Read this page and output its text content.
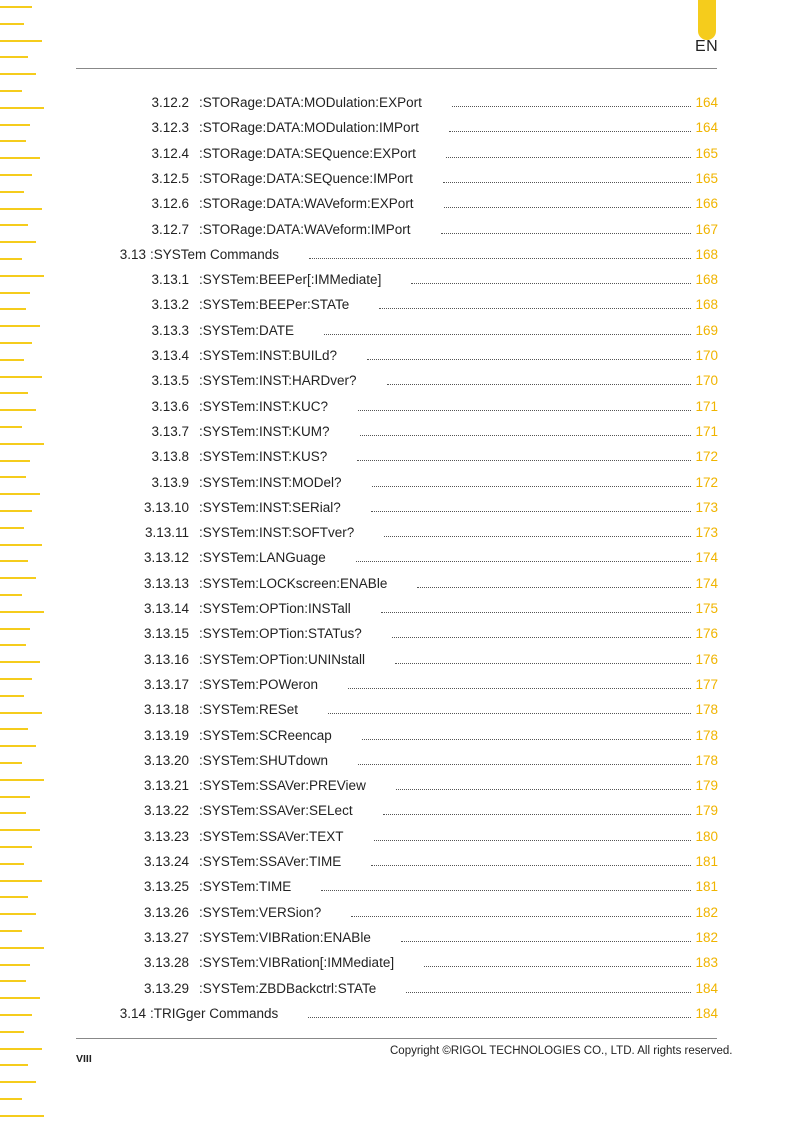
EN
3.12.2 :STORage:DATA:MODulation:EXPort	164
3.12.3 :STORage:DATA:MODulation:IMPort	164
3.12.4 :STORage:DATA:SEQuence:EXPort	165
3.12.5 :STORage:DATA:SEQuence:IMPort	165
3.12.6 :STORage:DATA:WAVeform:EXPort	166
3.12.7 :STORage:DATA:WAVeform:IMPort	167
3.13 :SYSTem Commands	168
3.13.1 :SYSTem:BEEPer[:IMMediate]	168
3.13.2 :SYSTem:BEEPer:STATe	168
3.13.3 :SYSTem:DATE	169
3.13.4 :SYSTem:INST:BUILd?	170
3.13.5 :SYSTem:INST:HARDver?	170
3.13.6 :SYSTem:INST:KUC?	171
3.13.7 :SYSTem:INST:KUM?	171
3.13.8 :SYSTem:INST:KUS?	172
3.13.9 :SYSTem:INST:MODel?	172
3.13.10 :SYSTem:INST:SERial?	173
3.13.11 :SYSTem:INST:SOFTver?	173
3.13.12 :SYSTem:LANGuage	174
3.13.13 :SYSTem:LOCKscreen:ENABle	174
3.13.14 :SYSTem:OPTion:INSTall	175
3.13.15 :SYSTem:OPTion:STATus?	176
3.13.16 :SYSTem:OPTion:UNINstall	176
3.13.17 :SYSTem:POWeron	177
3.13.18 :SYSTem:RESet	178
3.13.19 :SYSTem:SCReencap	178
3.13.20 :SYSTem:SHUTdown	178
3.13.21 :SYSTem:SSAVer:PREView	179
3.13.22 :SYSTem:SSAVer:SELect	179
3.13.23 :SYSTem:SSAVer:TEXT	180
3.13.24 :SYSTem:SSAVer:TIME	181
3.13.25 :SYSTem:TIME	181
3.13.26 :SYSTem:VERSion?	182
3.13.27 :SYSTem:VIBRation:ENABle	182
3.13.28 :SYSTem:VIBRation[:IMMediate]	183
3.13.29 :SYSTem:ZBDBackctrl:STATe	184
3.14 :TRIGger Commands	184
VIII
Copyright ©RIGOL TECHNOLOGIES CO., LTD. All rights reserved.
